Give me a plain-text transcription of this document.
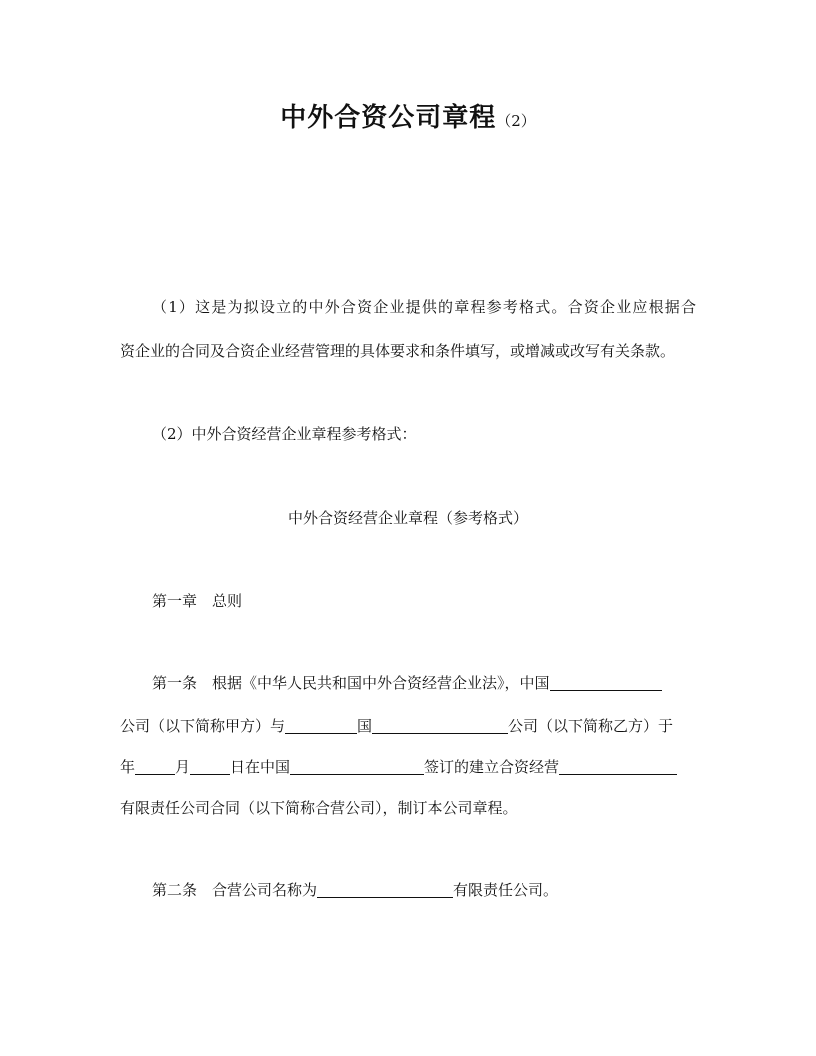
中外合资公司章程（2）
（1）这是为拟设立的中外合资企业提供的章程参考格式。合资企业应根据合
资企业的合同及合资企业经营管理的具体要求和条件填写，或增减或改写有关条款。
（2）中外合资经营企业章程参考格式：
中外合资经营企业章程（参考格式）
第一章　总则
第一条　根据《中华人民共和国中外合资经营企业法》，中国
公司（以下简称甲方）与	国	公司（以下简称乙方）于
年	月	日在中国	签订的建立合资经营
有限责任公司合同（以下简称合营公司），制订本公司章程。
第二条　合营公司名称为	有限责任公司。
